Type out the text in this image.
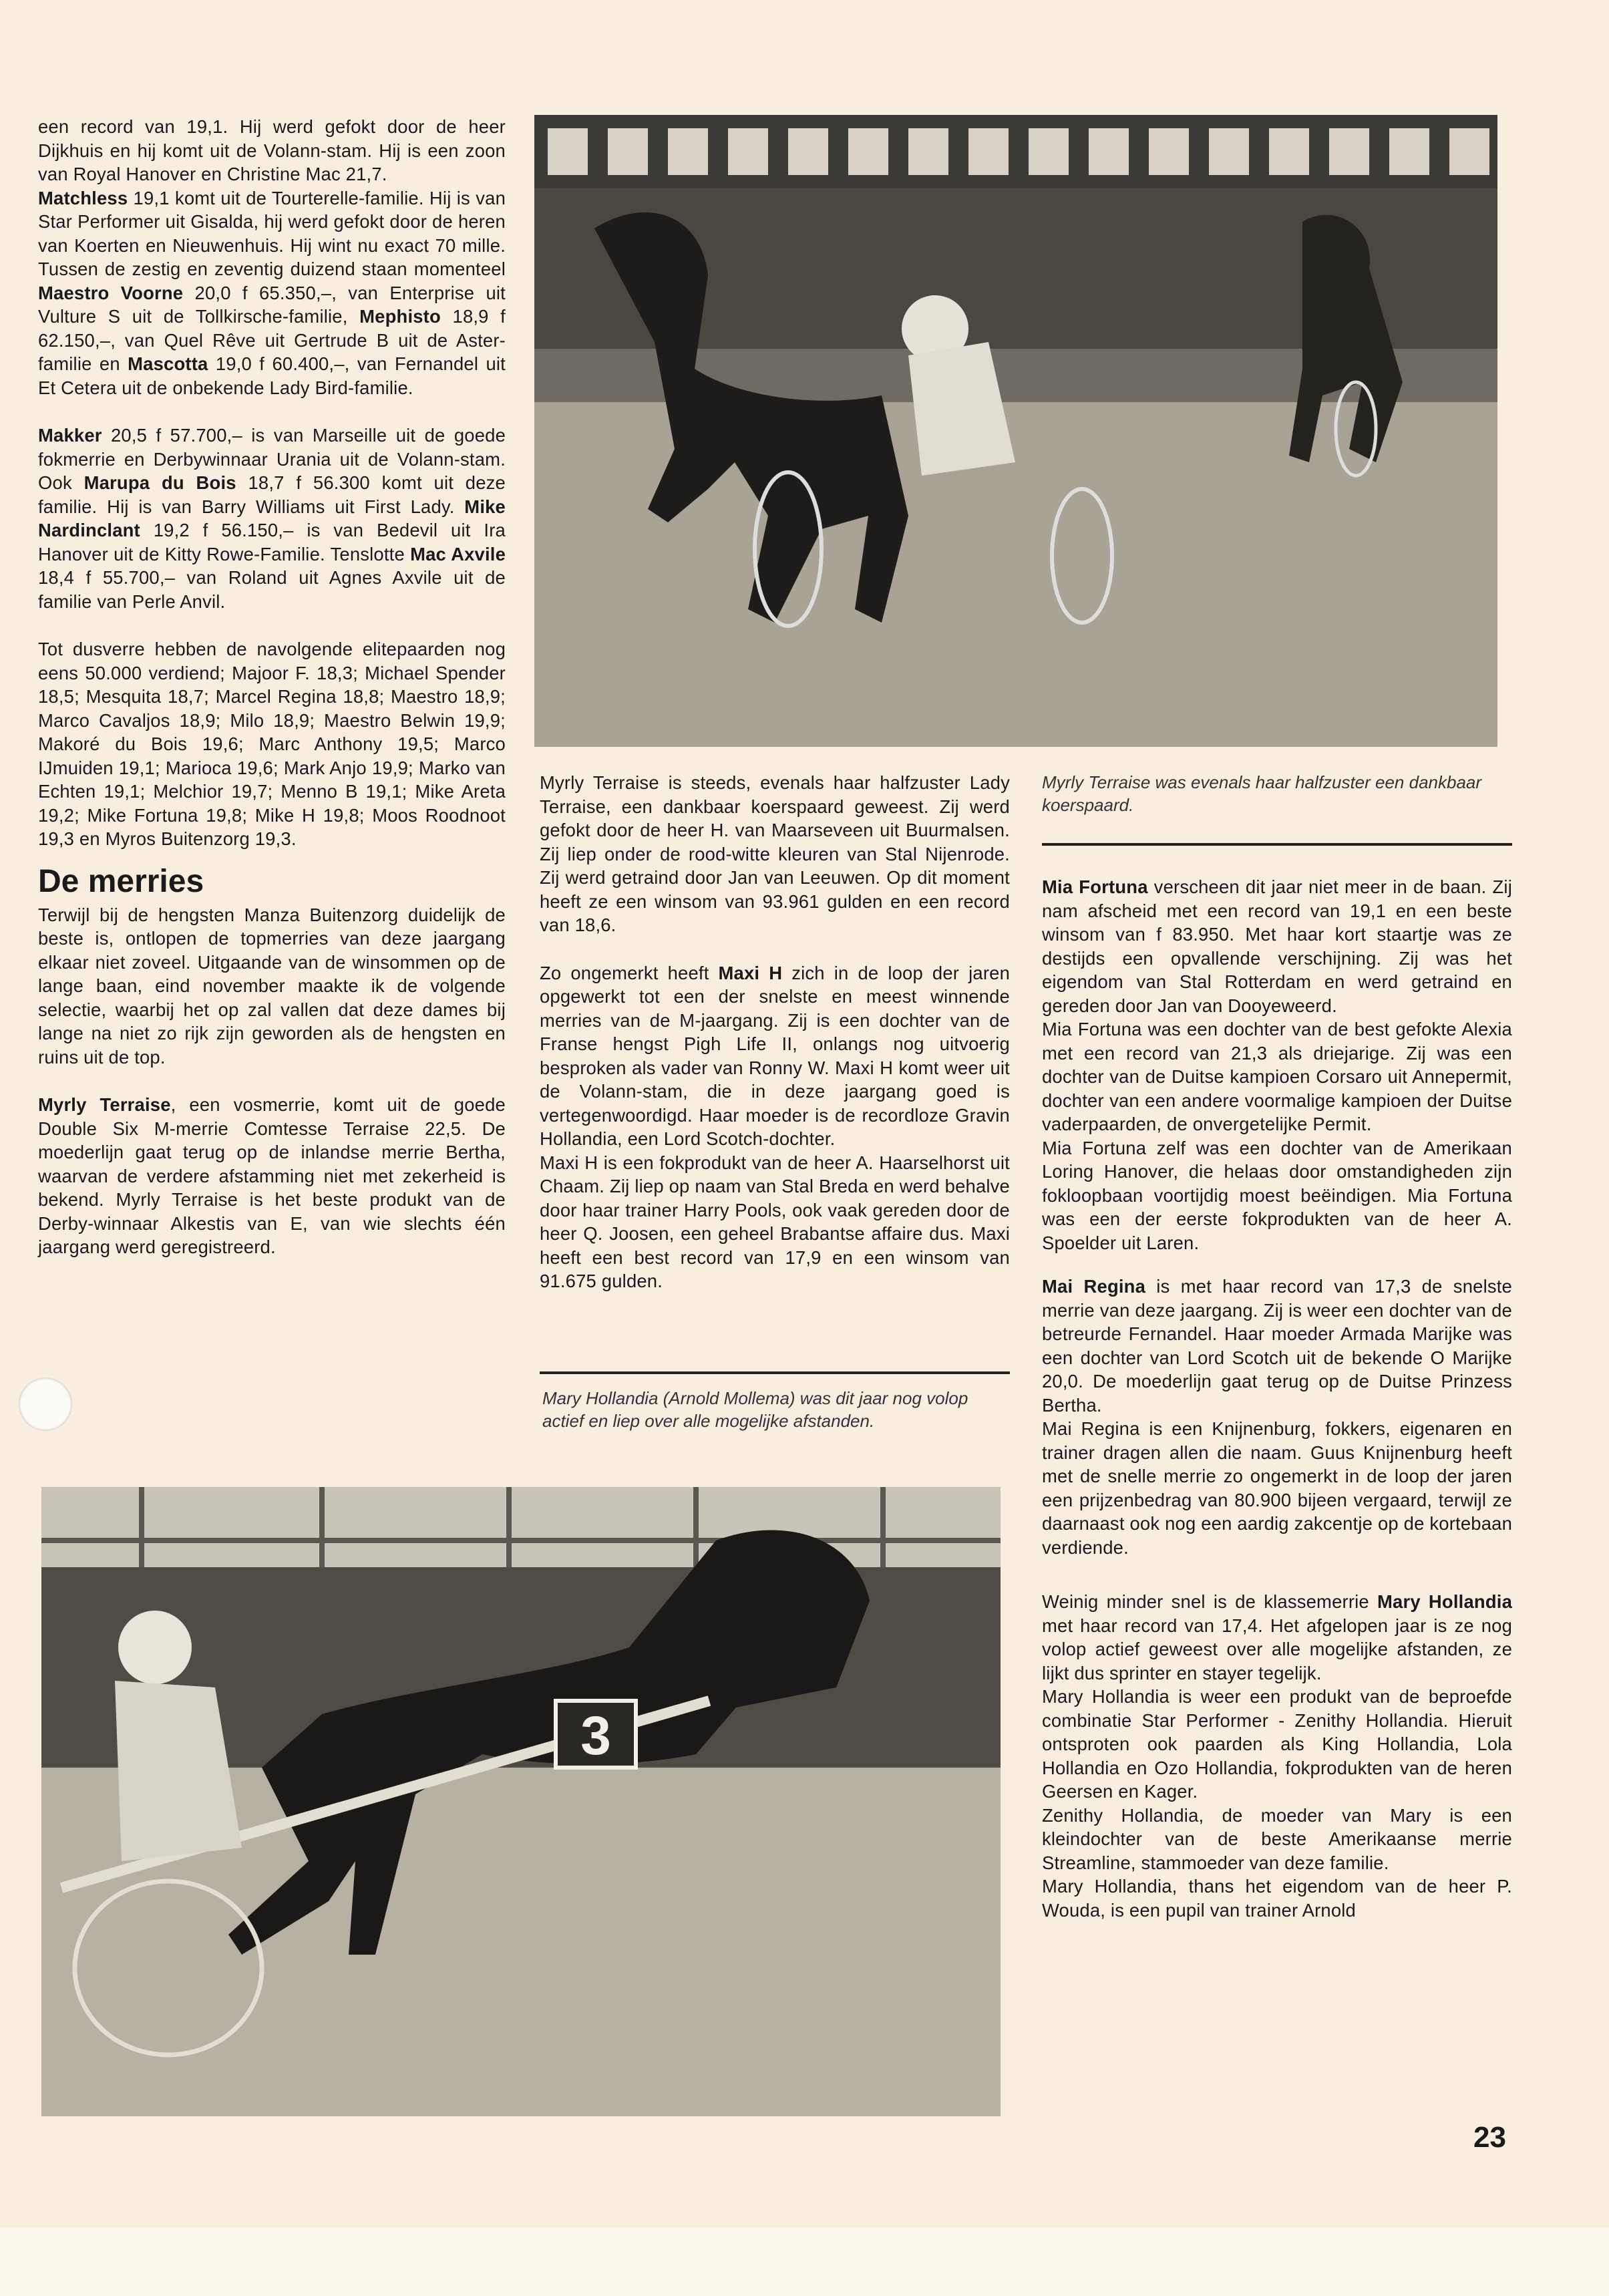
een record van 19,1. Hij werd gefokt door de heer Dijkhuis en hij komt uit de Volann-stam. Hij is een zoon van Royal Hanover en Christine Mac 21,7.
Matchless 19,1 komt uit de Tourterelle-familie. Hij is van Star Performer uit Gisalda, hij werd gefokt door de heren van Koerten en Nieuwenhuis. Hij wint nu exact 70 mille. Tussen de zestig en zeventig duizend staan momenteel Maestro Voorne 20,0 f 65.350,–, van Enterprise uit Vulture S uit de Tollkirsche-familie, Mephisto 18,9 f 62.150,–, van Quel Rêve uit Gertrude B uit de Aster-familie en Mascotta 19,0 f 60.400,–, van Fernandel uit Et Cetera uit de onbekende Lady Bird-familie.

Makker 20,5 f 57.700,– is van Marseille uit de goede fokmerrie en Derbywinnaar Urania uit de Volann-stam. Ook Marupa du Bois 18,7 f 56.300 komt uit deze familie. Hij is van Barry Williams uit First Lady. Mike Nardinclant 19,2 f 56.150,– is van Bedevil uit Ira Hanover uit de Kitty Rowe-Familie. Tenslotte Mac Axvile 18,4 f 55.700,– van Roland uit Agnes Axvile uit de familie van Perle Anvil.

Tot dusverre hebben de navolgende elitepaarden nog eens 50.000 verdiend; Majoor F. 18,3; Michael Spender 18,5; Mesquita 18,7; Marcel Regina 18,8; Maestro 18,9; Marco Cavaljos 18,9; Milo 18,9; Maestro Belwin 19,9; Makoré du Bois 19,6; Marc Anthony 19,5; Marco IJmuiden 19,1; Marioca 19,6; Mark Anjo 19,9; Marko van Echten 19,1; Melchior 19,7; Menno B 19,1; Mike Areta 19,2; Mike Fortuna 19,8; Mike H 19,8; Moos Roodnoot 19,3 en Myros Buitenzorg 19,3.

De merries

Terwijl bij de hengsten Manza Buitenzorg duidelijk de beste is, ontlopen de topmerries van deze jaargang elkaar niet zoveel. Uitgaande van de winsommen op de lange baan, eind november maakte ik de volgende selectie, waarbij het op zal vallen dat deze dames bij lange na niet zo rijk zijn geworden als de hengsten en ruins uit de top.

Myrly Terraise, een vosmerrie, komt uit de goede Double Six M-merrie Comtesse Terraise 22,5. De moederlijn gaat terug op de inlandse merrie Bertha, waarvan de verdere afstamming niet met zekerheid is bekend. Myrly Terraise is het beste produkt van de Derby-winnaar Alkestis van E, van wie slechts één jaargang werd geregistreerd.

Myrly Terraise was evenals haar halfzuster een dankbaar koerspaard.

Myrly Terraise is steeds, evenals haar halfzuster Lady Terraise, een dankbaar koerspaard geweest. Zij werd gefokt door de heer H. van Maarseveen uit Buurmalsen. Zij liep onder de rood-witte kleuren van Stal Nijenrode. Zij werd getraind door Jan van Leeuwen. Op dit moment heeft ze een winsom van 93.961 gulden en een record van 18,6.

Zo ongemerkt heeft Maxi H zich in de loop der jaren opgewerkt tot een der snelste en meest winnende merries van de M-jaargang. Zij is een dochter van de Franse hengst Pigh Life II, onlangs nog uitvoerig besproken als vader van Ronny W. Maxi H komt weer uit de Volann-stam, die in deze jaargang goed is vertegenwoordigd. Haar moeder is de recordloze Gravin Hollandia, een Lord Scotch-dochter.

Maxi H is een fokprodukt van de heer A. Haarselhorst uit Chaam. Zij liep op naam van Stal Breda en werd behalve door haar trainer Harry Pools, ook vaak gereden door de heer Q. Joosen, een geheel Brabantse affaire dus. Maxi heeft een best record van 17,9 en een winsom van 91.675 gulden.

Mary Hollandia (Arnold Mollema) was dit jaar nog volop actief en liep over alle mogelijke afstanden.

Mia Fortuna verscheen dit jaar niet meer in de baan. Zij nam afscheid met een record van 19,1 en een beste winsom van f 83.950. Met haar kort staartje was ze destijds een opvallende verschijning. Zij was het eigendom van Stal Rotterdam en werd getraind en gereden door Jan van Dooyeweerd.

Mia Fortuna was een dochter van de best gefokte Alexia met een record van 21,3 als driejarige. Zij was een dochter van de Duitse kampioen Corsaro uit Annepermit, dochter van een andere voormalige kampioen der Duitse vaderpaarden, de onvergetelijke Permit.

Mia Fortuna zelf was een dochter van de Amerikaan Loring Hanover, die helaas door omstandigheden zijn fokloopbaan voortijdig moest beëindigen. Mia Fortuna was een der eerste fokprodukten van de heer A. Spoelder uit Laren.

Mai Regina is met haar record van 17,3 de snelste merrie van deze jaargang. Zij is weer een dochter van de betreurde Fernandel. Haar moeder Armada Marijke was een dochter van Lord Scotch uit de bekende O Marijke 20,0. De moederlijn gaat terug op de Duitse Prinzess Bertha.

Mai Regina is een Knijnenburg, fokkers, eigenaren en trainer dragen allen die naam. Guus Knijnenburg heeft met de snelle merrie zo ongemerkt in de loop der jaren een prijzenbedrag van 80.900 bijeen vergaard, terwijl ze daarnaast ook nog een aardig zakcentje op de kortebaan verdiende.

Weinig minder snel is de klassemerrie Mary Hollandia met haar record van 17,4. Het afgelopen jaar is ze nog volop actief geweest over alle mogelijke afstanden, ze lijkt dus sprinter en stayer tegelijk.

Mary Hollandia is weer een produkt van de beproefde combinatie Star Performer - Zenithy Hollandia. Hieruit ontsproten ook paarden als King Hollandia, Lola Hollandia en Ozo Hollandia, fokprodukten van de heren Geersen en Kager.

Zenithy Hollandia, de moeder van Mary is een kleindochter van de beste Amerikaanse merrie Streamline, stammoeder van deze familie.

Mary Hollandia, thans het eigendom van de heer P. Wouda, is een pupil van trainer Arnold

3
23
